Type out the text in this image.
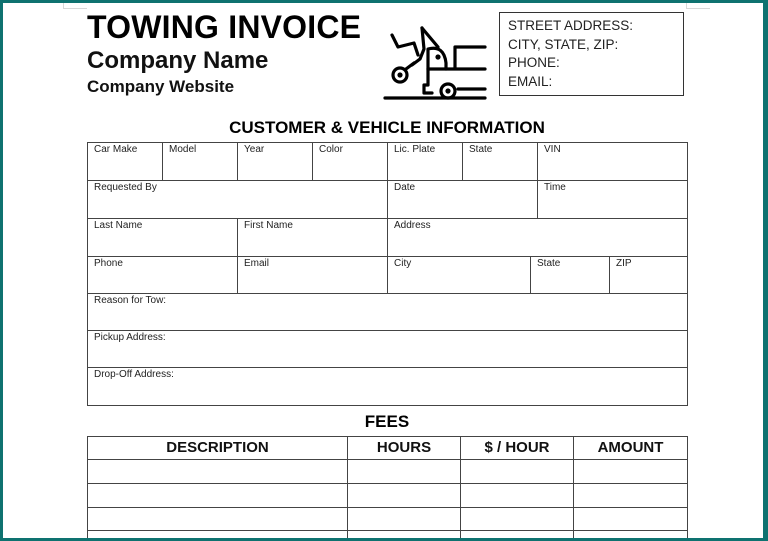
TOWING INVOICE
Company Name
Company Website
STREET ADDRESS:
CITY, STATE, ZIP:
PHONE:
EMAIL:
CUSTOMER & VEHICLE INFORMATION
Car Make	Model	Year	Color	Lic. Plate	State	VIN
Requested By	Date	Time
Last Name	First Name	Address
Phone	Email	City	State	ZIP
Reason for Tow:
Pickup Address:
Drop-Off Address:
FEES
DESCRIPTION	HOURS	$ / HOUR	AMOUNT
